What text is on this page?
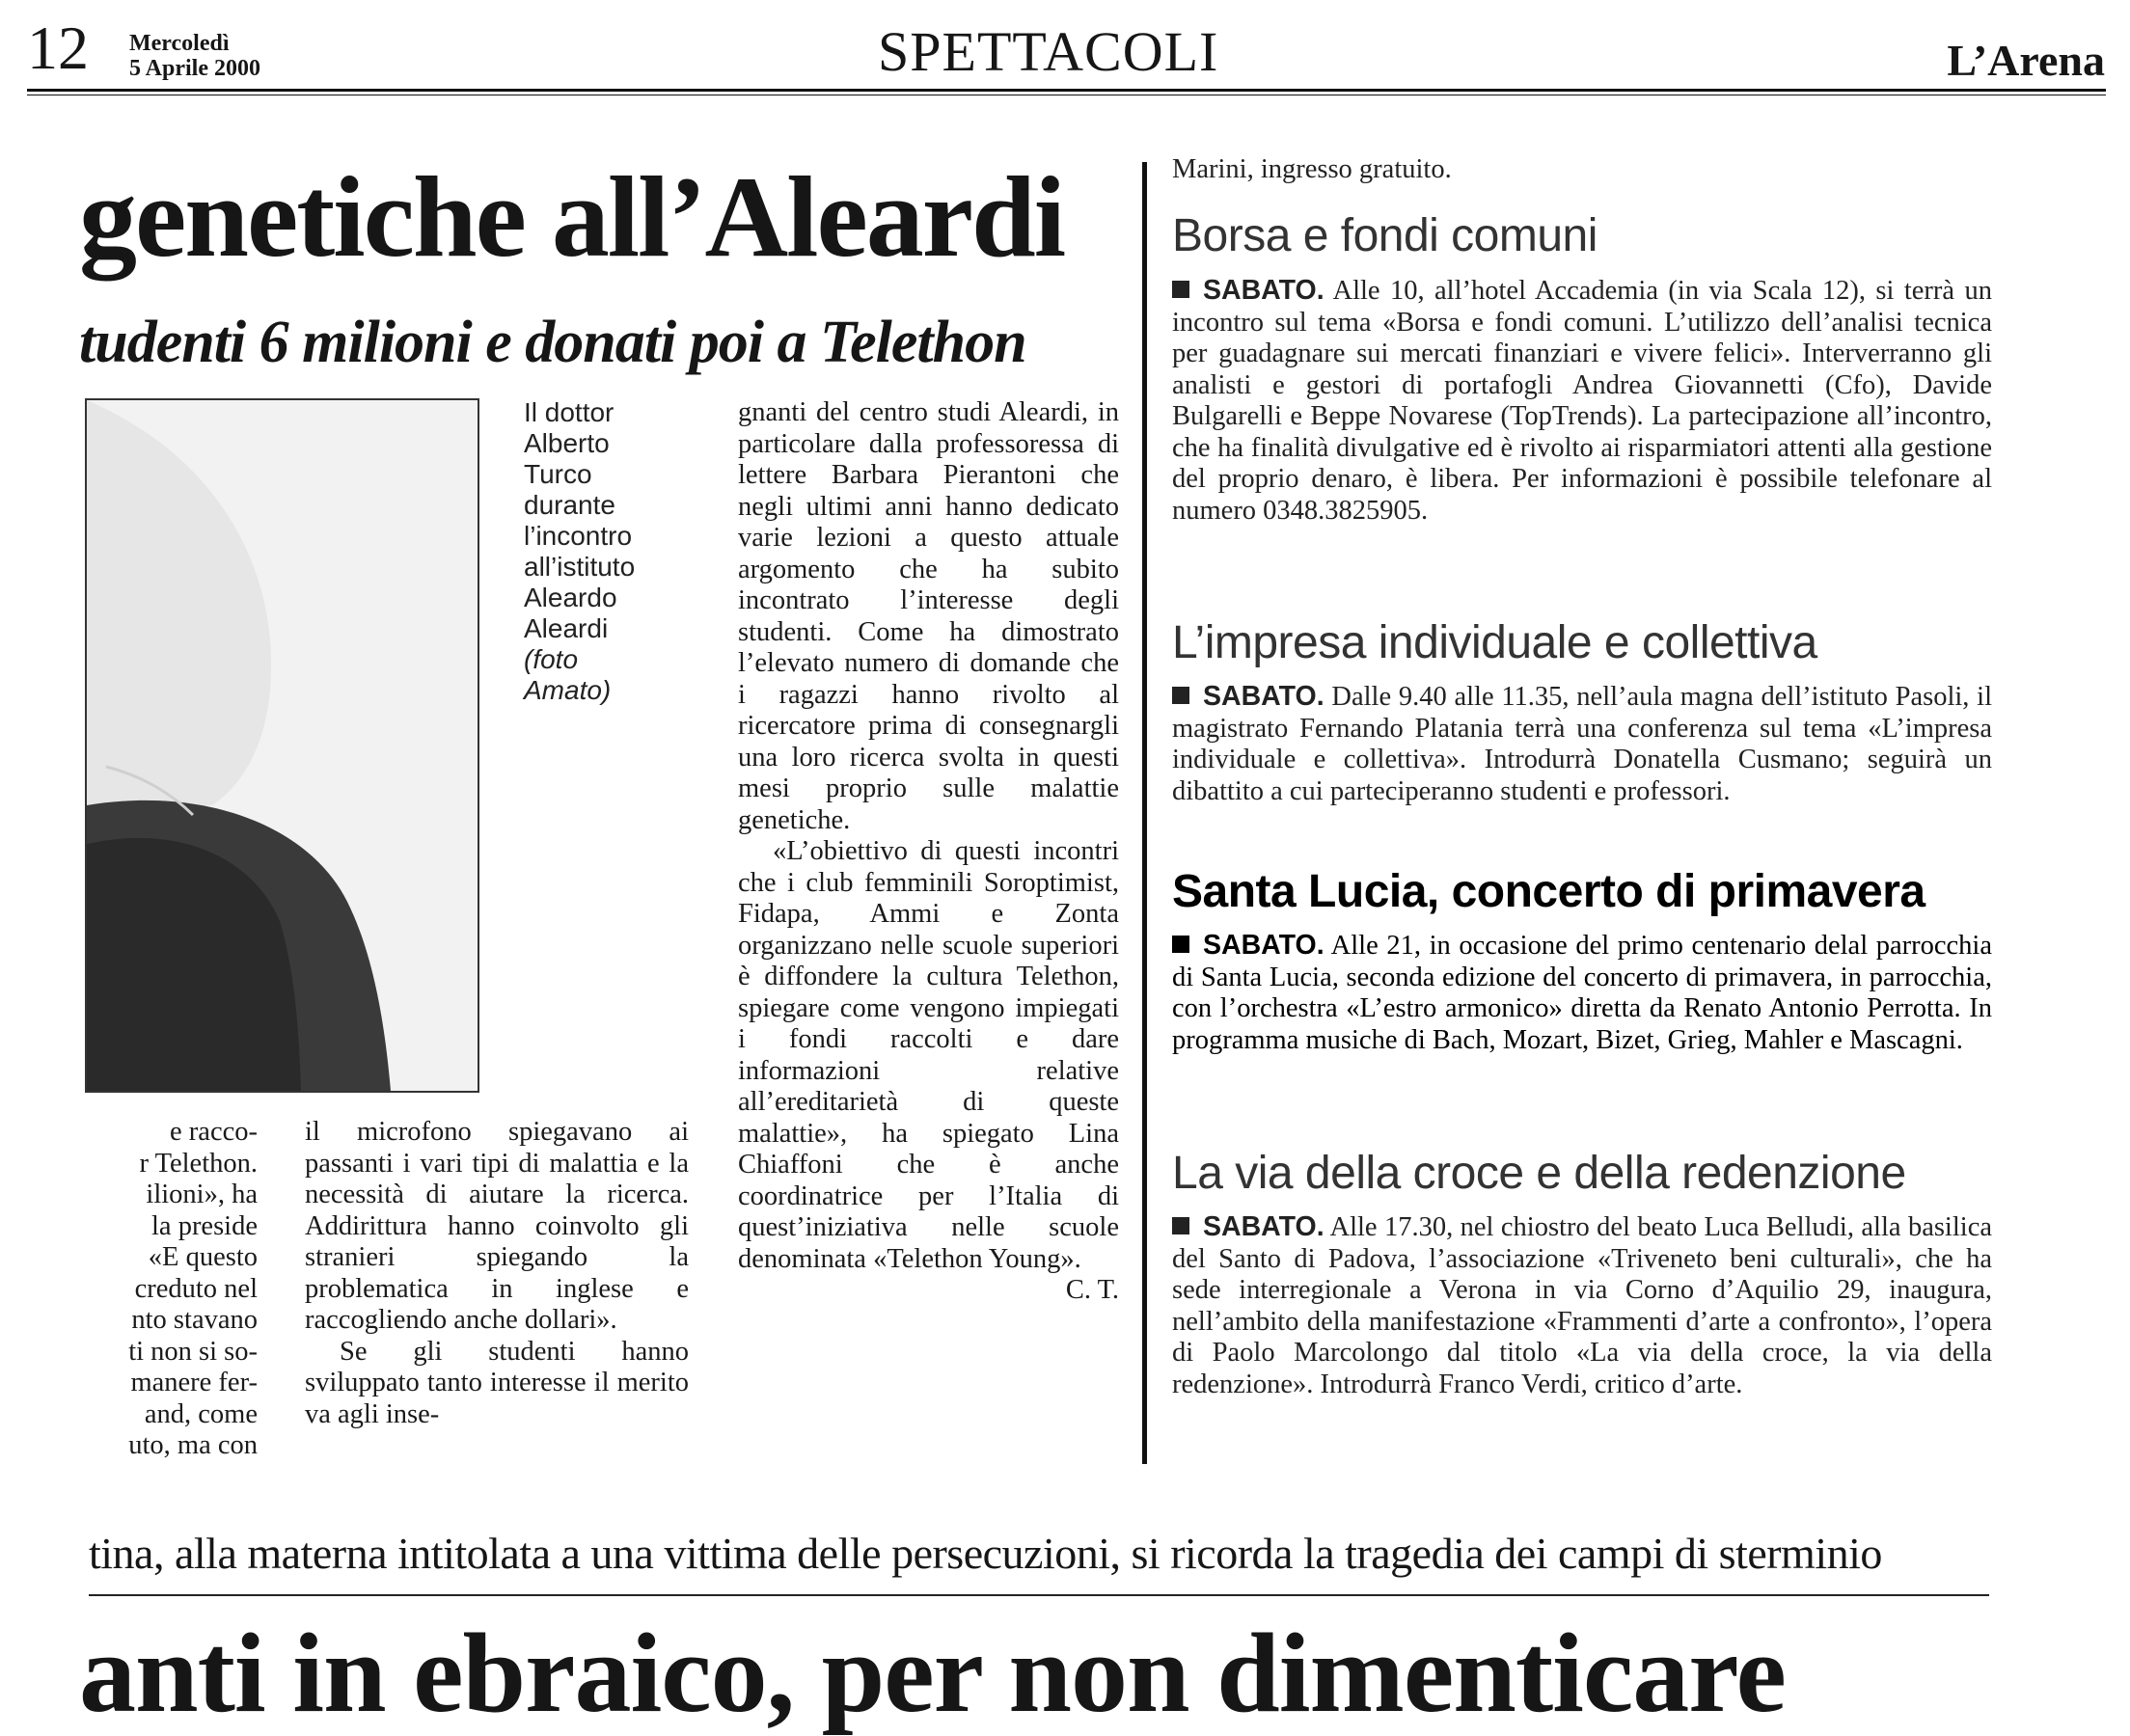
12 Mercoledì
5 Aprile 2000	SPETTACOLI	L’Arena
genetiche all’Aleardi
tudenti 6 milioni e donati poi a Telethon
Il dottor
Alberto
Turco
durante
l’incontro
all’istituto
Aleardo
Aleardi
(foto
Amato)

gnanti del centro studi Aleardi, in particolare dalla professoressa di lettere Barbara Pierantoni che negli ultimi anni hanno dedicato varie lezioni a questo attuale argomento che ha subito incontrato l’interesse degli studenti. Come ha dimostrato l’elevato numero di domande che i ragazzi hanno rivolto al ricercatore prima di consegnargli una loro ricerca svolta in questi mesi proprio sulle malattie genetiche.

«L’obiettivo di questi incontri che i club femminili Soroptimist, Fidapa, Ammi e Zonta organizzano nelle scuole superiori è diffondere la cultura Telethon, spiegare come vengono impiegati i fondi raccolti e dare informazioni relative all’ereditarietà di queste malattie», ha spiegato Lina Chiaffoni che è anche coordinatrice per l’Italia di quest’iniziativa nelle scuole denominata «Telethon Young».

C. T.

e racco-
r Telethon.
ilioni», ha
la preside
«E questo
creduto nel
nto stavano
ti non si so-
manere fer-
and, come
uto, ma con

il microfono spiegavano ai passanti i vari tipi di malattia e la necessità di aiutare la ricerca. Addirittura hanno coinvolto gli stranieri spiegando la problematica in inglese e raccogliendo anche dollari».

Se gli studenti hanno sviluppato tanto interesse il merito va agli inse-

Marini, ingresso gratuito.
Borsa e fondi comuni
SABATO. Alle 10, all’hotel Accademia (in via Scala 12), si terrà un incontro sul tema «Borsa e fondi comuni. L’utilizzo dell’analisi tecnica per guadagnare sui mercati finanziari e vivere felici». Interverranno gli analisti e gestori di portafogli Andrea Giovannetti (Cfo), Davide Bulgarelli e Beppe Novarese (TopTrends). La partecipazione all’incontro, che ha finalità divulgative ed è rivolto ai risparmiatori attenti alla gestione del proprio denaro, è libera. Per informazioni è possibile telefonare al numero 0348.3825905.
L’impresa individuale e collettiva
SABATO. Dalle 9.40 alle 11.35, nell’aula magna dell’istituto Pasoli, il magistrato Fernando Platania terrà una conferenza sul tema «L’impresa individuale e collettiva». Introdurrà Donatella Cusmano; seguirà un dibattito a cui parteciperanno studenti e professori.
Santa Lucia, concerto di primavera
SABATO. Alle 21, in occasione del primo centenario delal parrocchia di Santa Lucia, seconda edizione del concerto di primavera, in parrocchia, con l’orchestra «L’estro armonico» diretta da Renato Antonio Perrotta. In programma musiche di Bach, Mozart, Bizet, Grieg, Mahler e Mascagni.
La via della croce e della redenzione
SABATO. Alle 17.30, nel chiostro del beato Luca Belludi, alla basilica del Santo di Padova, l’associazione «Triveneto beni culturali», che ha sede interregionale a Verona in via Corno d’Aquilio 29, inaugura, nell’ambito della manifestazione «Frammenti d’arte a confronto», l’opera di Paolo Marcolongo dal titolo «La via della croce, la via della redenzione». Introdurrà Franco Verdi, critico d’arte.
tina, alla materna intitolata a una vittima delle persecuzioni, si ricorda la tragedia dei campi di sterminio
anti in ebraico, per non dimenticare
